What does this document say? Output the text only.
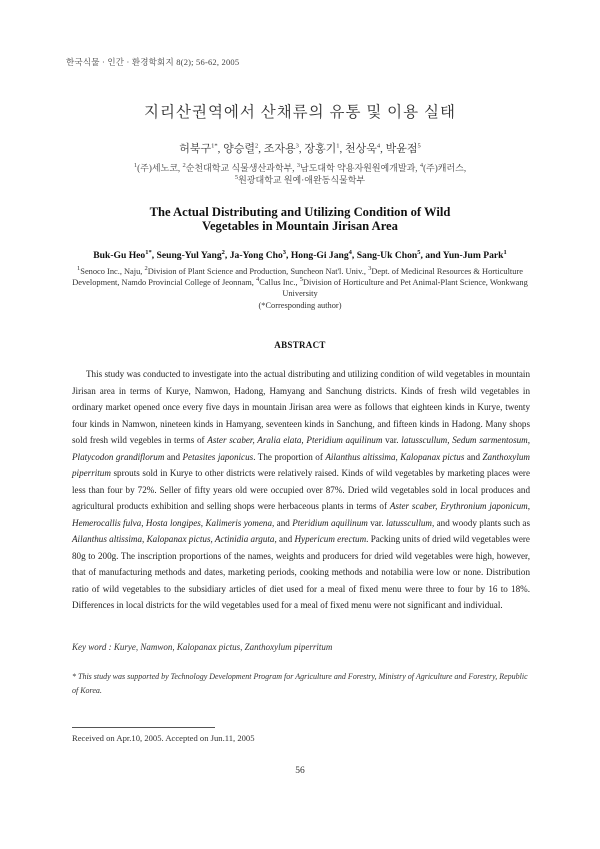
한국식물 · 인간 · 환경학회지 8(2); 56-62, 2005
지리산권역에서 산채류의 유통 및 이용 실태
허북구$^{1*}$, 양승렬$^2$, 조자용$^3$, 장홍기$^1$, 천상욱$^4$, 박윤점$^5$
$^1$(주)세노코, $^2$순천대학교 식물생산과학부, $^3$남도대학 약용자원원예개발과, $^4$(주)캐러스,
$^5$원광대학교 원예·애완동식물학부
The Actual Distributing and Utilizing Condition of Wild
Vegetables in Mountain Jirisan Area
Buk-Gu Heo$^{1*}$, Seung-Yul Yang$^2$, Ja-Yong Cho$^3$, Hong-Gi Jang$^4$, Sang-Uk Chon$^5$, and Yun-Jum Park$^1$
$^1$Senoco Inc., Naju, $^2$Division of Plant Science and Production, Suncheon Nat'l. Univ., $^3$Dept. of Medicinal Resources & Horticulture Development, Namdo Provincial College of Jeonnam, $^4$Callus Inc., $^5$Division of Horticulture and Pet Animal-Plant Science, Wonkwang University
(*Corresponding author)
ABSTRACT

This study was conducted to investigate into the actual distributing and utilizing condition of wild vegetables in mountain Jirisan area in terms of Kurye, Namwon, Hadong, Hamyang and Sanchung districts. Kinds of fresh wild vegetables in ordinary market opened once every five days in mountain Jirisan area were as follows that eighteen kinds in Kurye, twenty four kinds in Namwon, nineteen kinds in Hamyang, seventeen kinds in Sanchung, and fifteen kinds in Hadong. Many shops sold fresh wild vegebles in terms of Aster scaber, Aralia elata, Pteridium aquilinum var. latusscullum, Sedum sarmentosum, Platycodon grandiflorum and Petasites japonicus. The proportion of Ailanthus altissima, Kalopanax pictus and Zanthoxylum piperritum sprouts sold in Kurye to other districts were relatively raised. Kinds of wild vegetables by marketing places were less than four by 72%. Seller of fifty years old were occupied over 87%. Dried wild vegetables sold in local produces and agricultural products exhibition and selling shops were herbaceous plants in terms of Aster scaber, Erythronium japonicum, Hemerocallis fulva, Hosta longipes, Kalimeris yomena, and Pteridium aquilinum var. latusscullum, and woody plants such as Ailanthus altissima, Kalopanax pictus, Actinidia arguta, and Hypericum erectum. Packing units of dried wild vegetables were 80g to 200g. The inscription proportions of the names, weights and producers for dried wild vegetables were high, however, that of manufacturing methods and dates, marketing periods, cooking methods and notabilia were low or none. Distribution ratio of wild vegetables to the subsidiary articles of diet used for a meal of fixed menu were three to four by 16 to 18%. Differences in local districts for the wild vegetables used for a meal of fixed menu were not significant and individual.

Key word : Kurye, Namwon, Kalopanax pictus, Zanthoxylum piperritum
* This study was supported by Technology Development Program for Agriculture and Forestry, Ministry of Agriculture and Forestry, Republic of Korea.
Received on Apr.10, 2005. Accepted on Jun.11, 2005
56
